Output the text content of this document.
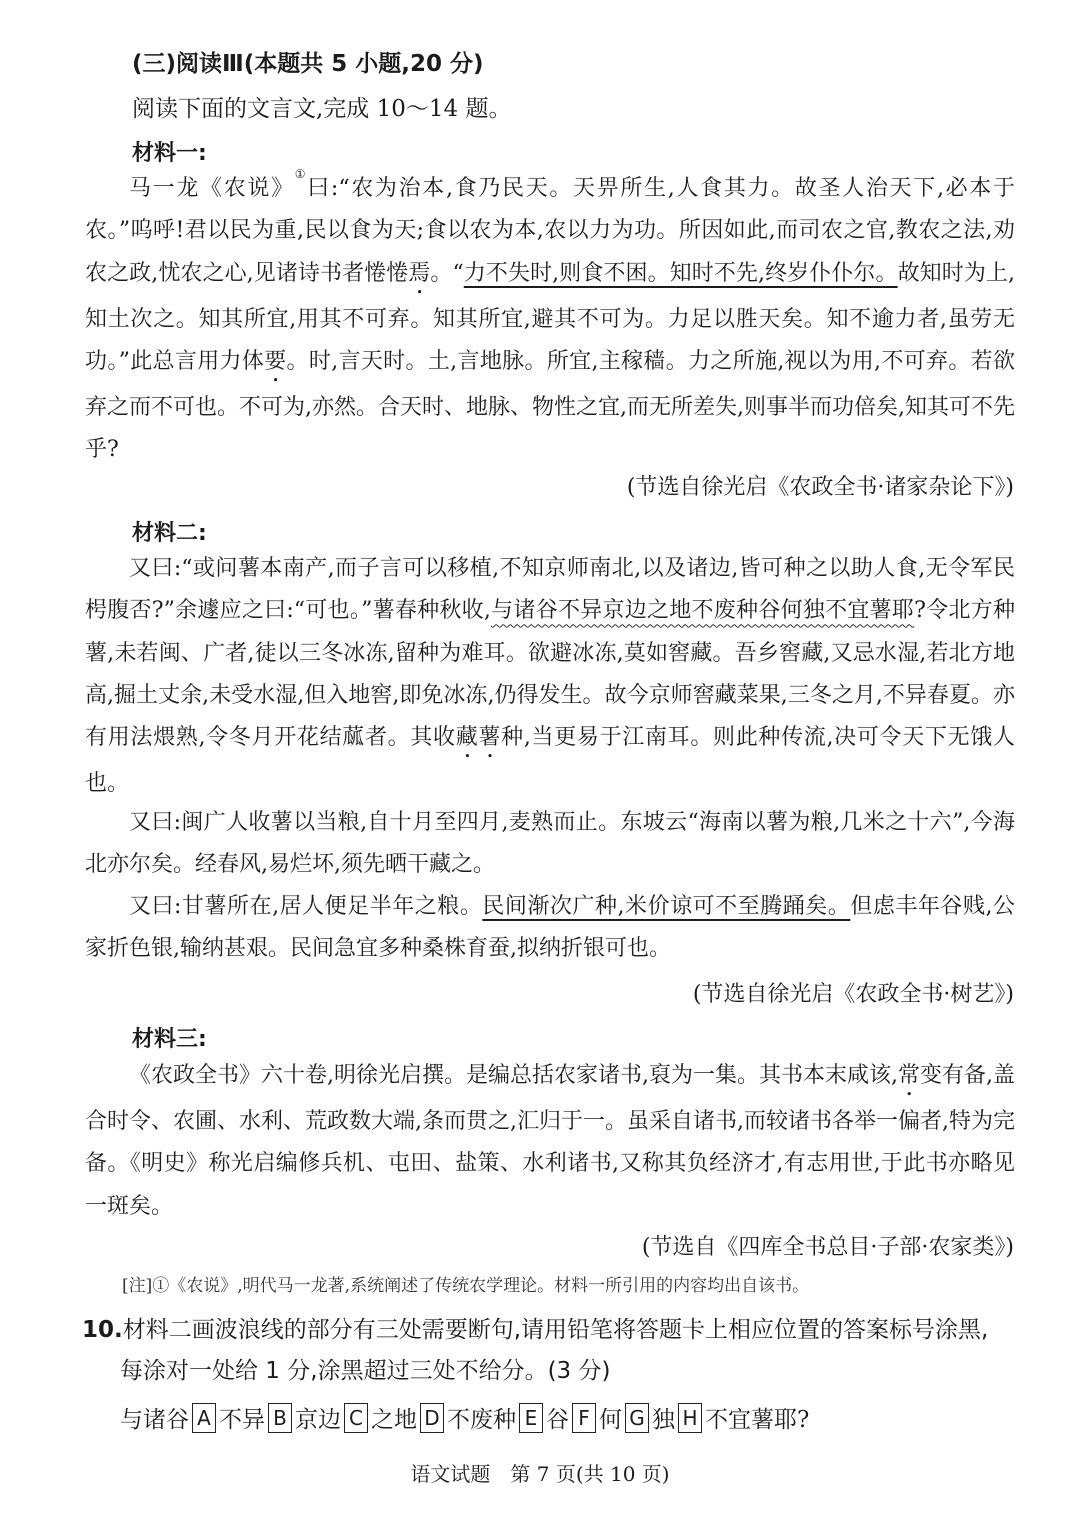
(三)阅读Ⅲ(本题共 5 小题,20 分)
阅读下面的文言文,完成 10～14 题。
材料一:
马一龙《农说》①曰:“农为治本,食乃民天。天畀所生,人食其力。故圣人治天下,必本于农。”呜呼!君以民为重,民以食为天;食以农为本,农以力为功。所因如此,而司农之官,教农之法,劝农之政,忧农之心,见诸诗书者惓惓焉。“力不失时,则食不困。知时不先,终岁仆仆尔。故知时为上,知土次之。知其所宜,用其不可弃。知其所宜,避其不可为。力足以胜天矣。知不逾力者,虽劳无功。”此总言用力体要。时,言天时。土,言地脉。所宜,主稼穑。力之所施,视以为用,不可弃。若欲弃之而不可也。不可为,亦然。合天时、地脉、物性之宜,而无所差失,则事半而功倍矣,知其可不先乎?
(节选自徐光启《农政全书·诸家杂论下》)
材料二:
又曰:“或问薯本南产,而子言可以移植,不知京师南北,以及诸边,皆可种之以助人食,无令军民枵腹否?”余遽应之曰:“可也。”薯春种秋收,与诸谷不异京边之地不废种谷何独不宜薯耶?令北方种薯,未若闽、广者,徒以三冬冰冻,留种为难耳。欲避冰冻,莫如窖藏。吾乡窖藏,又忌水湿,若北方地高,掘土丈余,未受水湿,但入地窖,即免冰冻,仍得发生。故今京师窖藏菜果,三冬之月,不异春夏。亦有用法煨熟,令冬月开花结蓏者。其收藏薯种,当更易于江南耳。则此种传流,决可令天下无饿人也。
又曰:闽广人收薯以当粮,自十月至四月,麦熟而止。东坡云“海南以薯为粮,几米之十六”,今海北亦尔矣。经春风,易烂坏,须先晒干藏之。
又曰:甘薯所在,居人便足半年之粮。民间渐次广种,米价谅可不至腾踊矣。但虑丰年谷贱,公家折色银,输纳甚艰。民间急宜多种桑株育蚕,拟纳折银可也。
(节选自徐光启《农政全书·树艺》)
材料三:
《农政全书》六十卷,明徐光启撰。是编总括农家诸书,裒为一集。其书本末咸该,常变有备,盖合时令、农圃、水利、荒政数大端,条而贯之,汇归于一。虽采自诸书,而较诸书各举一偏者,特为完备。《明史》称光启编修兵机、屯田、盐策、水利诸书,又称其负经济才,有志用世,于此书亦略见一斑矣。
(节选自《四库全书总目·子部·农家类》)
[注]①《农说》,明代马一龙著,系统阐述了传统农学理论。材料一所引用的内容均出自该书。
10.材料二画波浪线的部分有三处需要断句,请用铅笔将答题卡上相应位置的答案标号涂黑,
每涂对一处给 1 分,涂黑超过三处不给分。(3 分)
与诸谷 A 不异 B 京边 C 之地 D 不废种 E 谷 F 何 G 独 H 不宜薯耶?
语文试题　第 7 页(共 10 页)
